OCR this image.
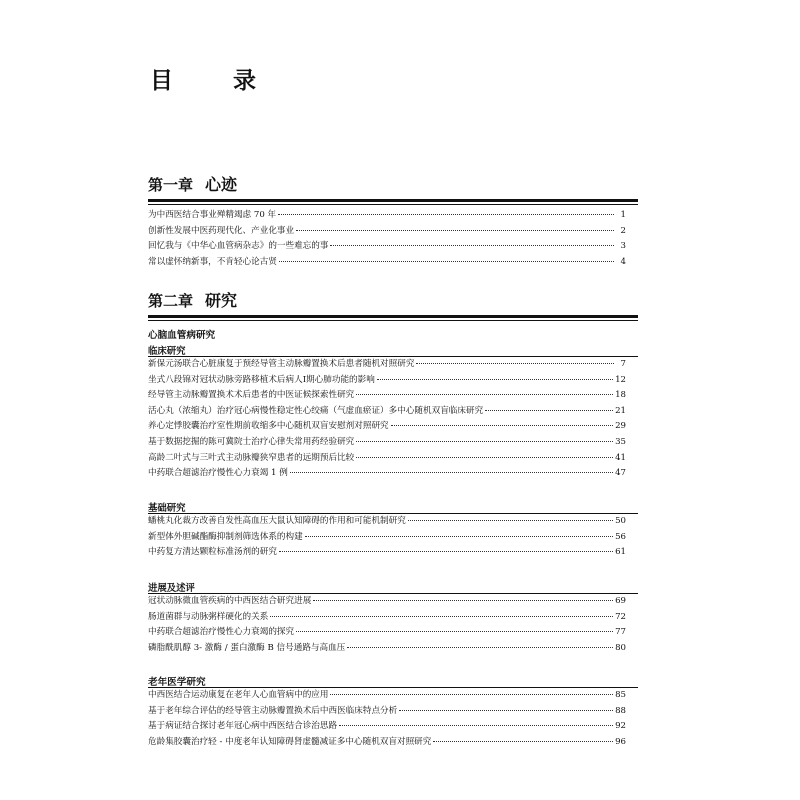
目 录
第一章 心迹
为中西医结合事业殚精竭虑 70 年	1
创新性发展中医药现代化、产业化事业	2
回忆我与《中华心血管病杂志》的一些难忘的事	3
常以虚怀纳新事，不肯轻心论古贤	4
第二章 研究
心脑血管病研究
临床研究
新保元汤联合心脏康复于预经导管主动脉瓣置换术后患者随机对照研究	7
坐式八段锦对冠状动脉旁路移植术后病人Ⅰ期心肺功能的影响	12
经导管主动脉瓣置换术术后患者的中医证候探索性研究	18
活心丸（浓缩丸）治疗冠心病慢性稳定性心绞痛（气虚血瘀证）多中心随机双盲临床研究	21
养心定悸胶囊治疗室性期前收缩多中心随机双盲安慰剂对照研究	29
基于数据挖掘的陈可冀院士治疗心律失常用药经验研究	35
高龄二叶式与三叶式主动脉瓣狭窄患者的远期预后比较	41
中药联合超滤治疗慢性心力衰竭 1 例	47
基础研究
蟠桃丸化裁方改善自发性高血压大鼠认知障碍的作用和可能机制研究	50
新型体外胆碱酯酶抑制剂筛选体系的构建	56
中药复方清达颗粒标准汤剂的研究	61
进展及述评
冠状动脉微血管疾病的中西医结合研究进展	69
肠道菌群与动脉粥样硬化的关系	72
中药联合超滤治疗慢性心力衰竭的探究	77
磷脂酰肌醇 3- 激酶 / 蛋白激酶 B 信号通路与高血压	80
老年医学研究
中西医结合运动康复在老年人心血管病中的应用	85
基于老年综合评估的经导管主动脉瓣置换术后中西医临床特点分析	88
基于病证结合探讨老年冠心病中西医结合诊治思路	92
危龄集胶囊治疗轻 - 中度老年认知障碍肾虚髓减证多中心随机双盲对照研究	96
